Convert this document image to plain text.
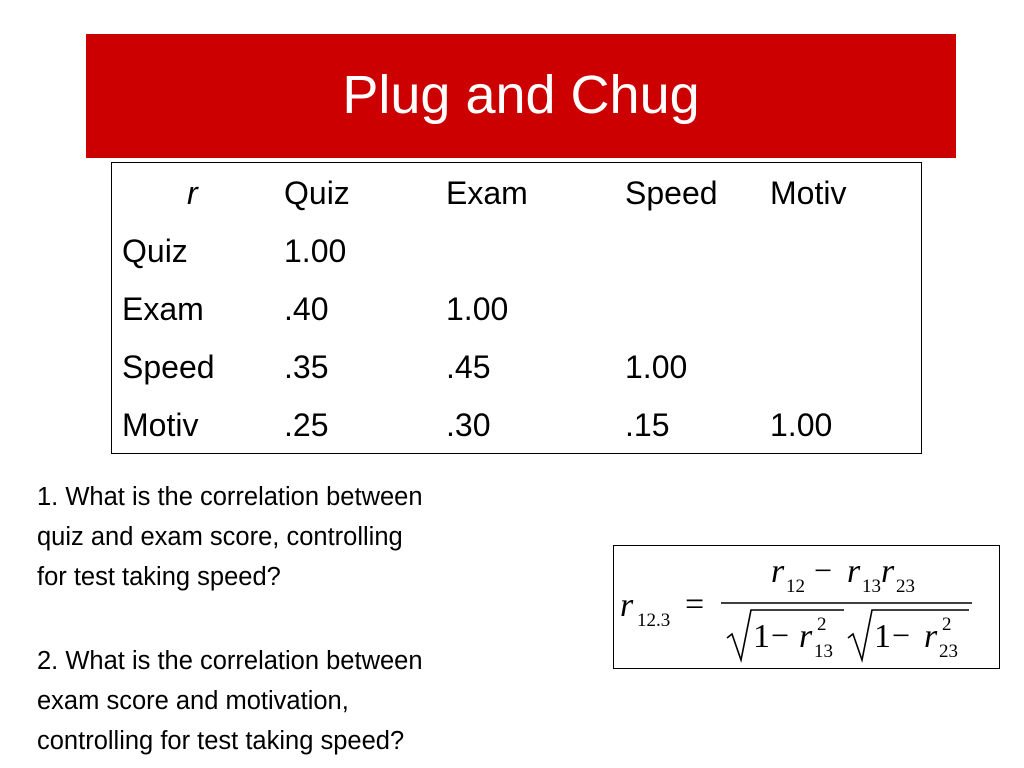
Plug and Chug
r	Quiz	Exam	Speed Motiv
Quiz	1.00
Exam	.40	1.00
Speed .35	.45	1.00
Motiv	.25	.30	.15	1.00
1. What is the correlation between
quiz and exam score, controlling
for test taking speed?
2. What is the correlation between
exam score and motivation,
controlling for test taking speed?
r 12.3 =
r 12 − r 13 r 23
1 − r 2
13 1 − r 2
23
